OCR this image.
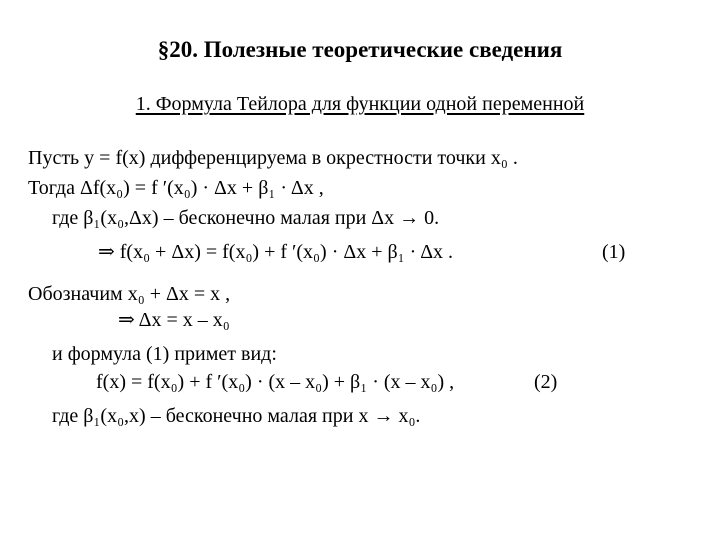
§20. Полезные теоретические сведения
1. Формула Тейлора для функции одной переменной
Пусть y = f(x) дифференцируема в окрестности точки x₀ .
Тогда Δf(x₀) = f ′(x₀) · Δx + β₁ · Δx ,
где β₁(x₀,Δx) – бесконечно малая при Δx → 0.
⇒ f(x₀ + Δx) = f(x₀) + f ′(x₀) · Δx + β₁ · Δx .	(1)
Обозначим x₀ + Δx = x ,
⇒ Δx = x – x₀
и формула (1) примет вид:
f(x) = f(x₀) + f ′(x₀) · (x – x₀) + β₁ · (x – x₀) ,	(2)
где β₁(x₀,x) – бесконечно малая при x → x₀.
